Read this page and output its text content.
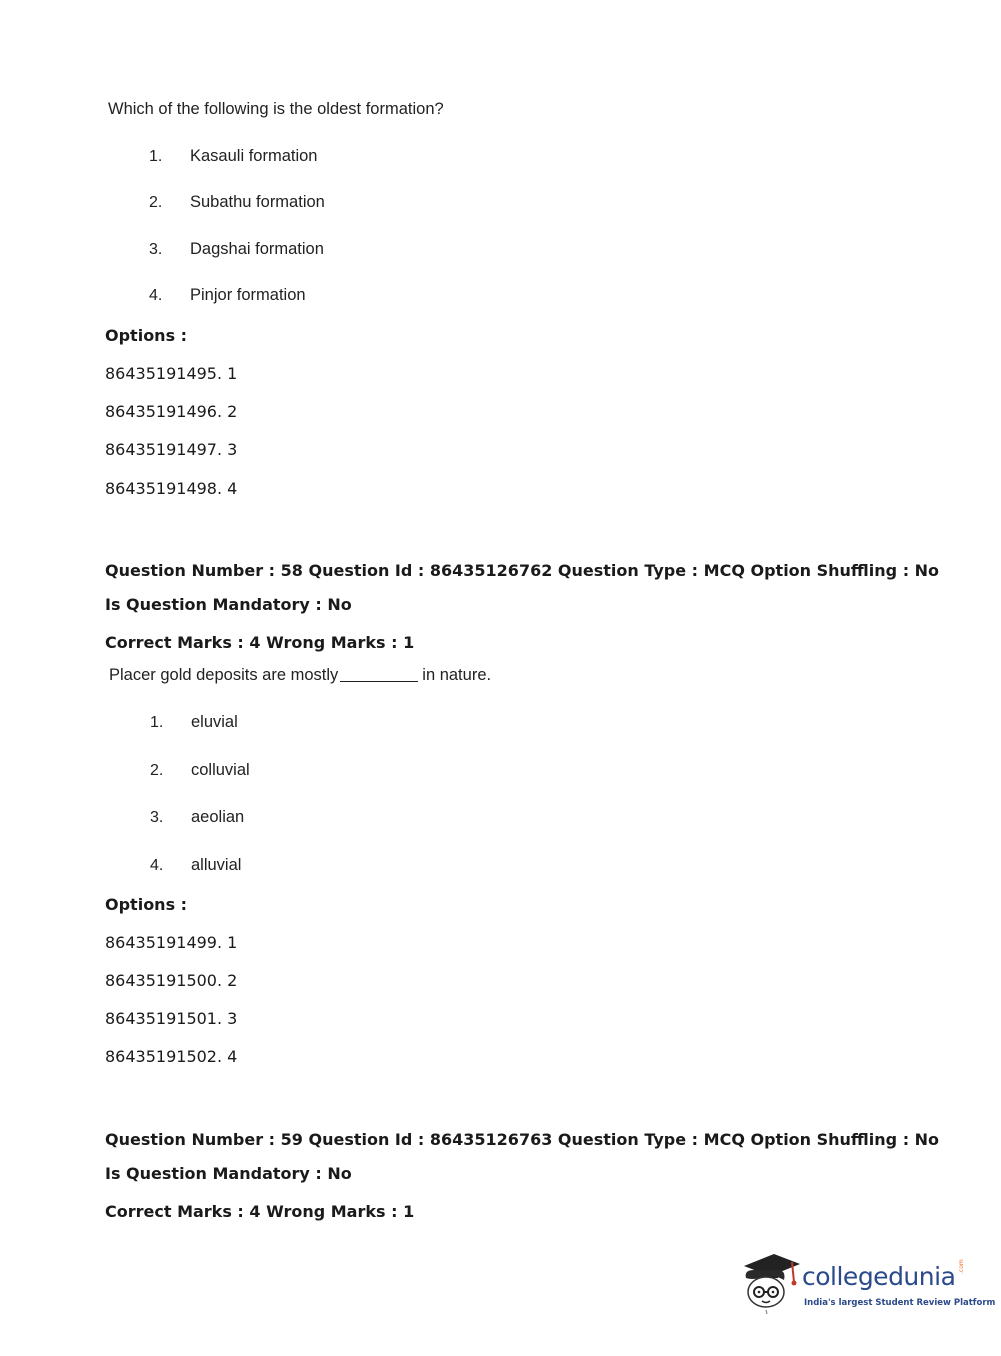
Which of the following is the oldest formation?
1. Kasauli formation
2. Subathu formation
3. Dagshai formation
4. Pinjor formation
Options :
86435191495. 1
86435191496. 2
86435191497. 3
86435191498. 4
Question Number : 58 Question Id : 86435126762 Question Type : MCQ Option Shuffling : No
Is Question Mandatory : No
Correct Marks : 4 Wrong Marks : 1
Placer gold deposits are mostly	in nature.
1. eluvial
2. colluvial
3. aeolian
4. alluvial
Options :
86435191499. 1
86435191500. 2
86435191501. 3
86435191502. 4
Question Number : 59 Question Id : 86435126763 Question Type : MCQ Option Shuffling : No
Is Question Mandatory : No
Correct Marks : 4 Wrong Marks : 1
collegedunia .com
India's largest Student Review Platform
